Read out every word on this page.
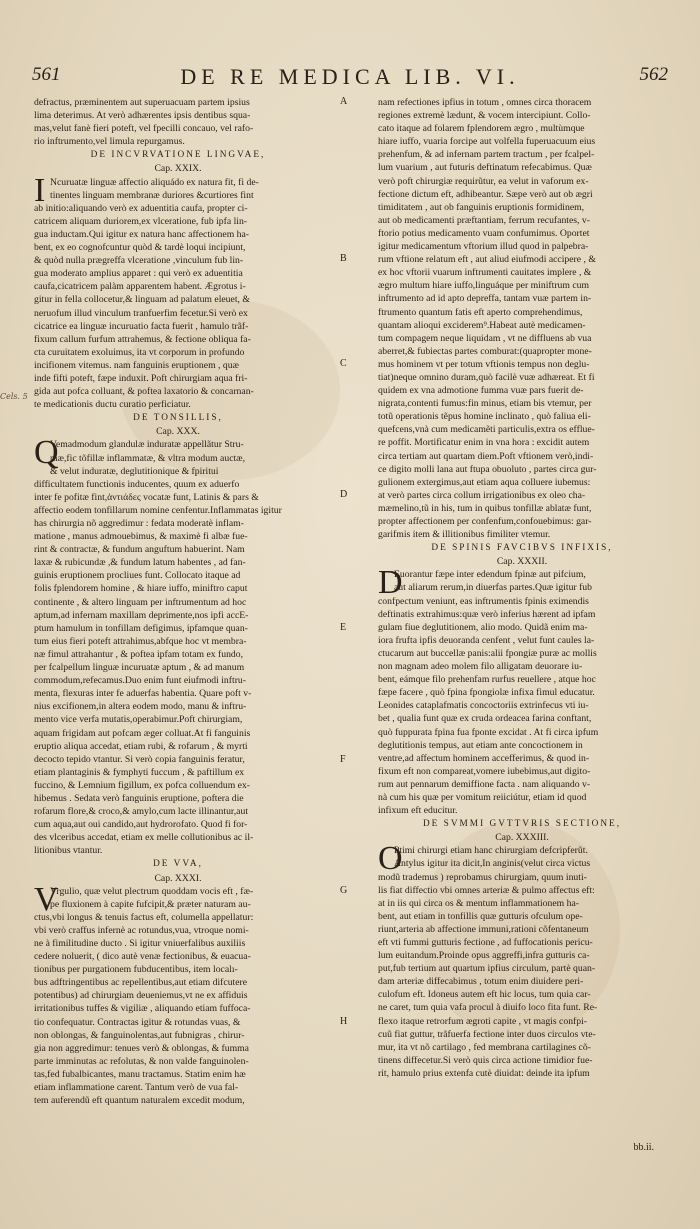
561	DE RE MEDICA LIB. VI.	562
A
B
C
D
E
F
G
H
Cels. 5
defractus, præminentem aut superuacuam partem ipsius
lima deterimus. At verò adhærentes ipsis dentibus squa-
mas,velut fanè fieri poteft, vel fpecilli concauo, vel rafo-
rio inftrumento,vel limula repurgamus.
DE INCVRVATIONE LINGVAE,
Cap. XXIX.
I Ncuruatæ linguæ affectio aliquádo ex natura fit, fi de-
tinentes linguam membranæ duriores &curtiores fint
ab initio:aliquando verò ex aduentitia caufa, propter ci-
catricem aliquam duriorem,ex vlceratione, fub ipfa lin-
gua inductam.Qui igitur ex natura hanc affectionem ha-
bent, ex eo cognofcuntur quòd & tardè loqui incipiunt,
& quòd nulla prægreffa vlceratione ,vinculum fub lin-
gua moderato amplius apparet : qui verò ex aduentitia
caufa,cicatricem palàm apparentem habent. Ægrotus i-
gitur in fella collocetur,& linguam ad palatum eleuet, &
neruofum illud vinculum tranfuerfim fecetur.Si verò ex
cicatrice ea linguæ incuruatio facta fuerit , hamulo trãf-
fixum callum furfum attrahemus, & fectione obliqua fa-
cta curuitatem exoluimus, ita vt corporum in profundo
incifionem vitemus. nam fanguinis eruptionem , quæ
inde fifti poteft, fæpe induxit. Poft chirurgiam aqua fri-
gida aut pofca colluant, & poftea laxatorio & concarnan-
te medicationis ductu curatio perficiatur.
DE TONSILLIS,
Cap. XXX.
Q
Vemadmodum glandulæ induratæ appellãtur Stru-
mæ,fic tõfillæ inflammatæ, & vltra modum auctæ,
& velut induratæ, deglutitionique & fpiritui
difficultatem functionis inducentes, quum ex aduerfo
inter fe pofitæ fint,ἀντιάδες vocatæ funt, Latinis & pars &
affectio eodem tonfillarum nomine cenfentur.Inflammatas igitur
has chirurgia nõ aggredimur : fedata moderatè inflam-
matione , manus admouebimus, & maximè fi albæ fue-
rint & contractæ, & fundum anguftum habuerint. Nam
laxæ & rubicundæ ,& fundum latum habentes , ad fan-
guinis eruptionem procliues funt. Collocato itaque ad
folis fplendorem homine , & hiare iuffo, miniftro caput
continente , & altero linguam per inftrumentum ad hoc
aptum,ad infernam maxillam deprimente,nos ipfi accE-
ptum hamulum in tonfillam defigimus, ipfamque quan-
tum eius fieri poteft attrahimus,abfque hoc vt membra-
næ fimul attrahantur , & poftea ipfam totam ex fundo,
per fcalpellum linguæ incuruatæ aptum , & ad manum
commodum,refecamus.Duo enim funt eiufmodi inftru-
menta, flexuras inter fe aduerfas habentia. Quare poft v-
nius excifionem,in altera eodem modo, manu & inftru-
mento vice verfa mutatis,operabimur.Poft chirurgiam,
aquam frigidam aut pofcam æger colluat.At fi fanguinis
eruptio aliqua accedat, etiam rubi, & rofarum , & myrti
decocto tepido vtantur. Si verò copia fanguinis feratur,
etiam plantaginis & fymphyti fuccum , & paftillum ex
fuccino, & Lemnium figillum, ex pofca colluendum ex-
hibemus . Sedata verò fanguinis eruptione, poftera die
rofarum flore,& croco,& amylo,cum lacte illinantur,aut
cum aqua,aut oui candido,aut hydrorofato. Quod fi for-
des vlceribus accedat, etiam ex melle collutionibus ac il-
litionibus vtantur.
DE VVA,
Cap. XXXI.
V
Vrgulio, quæ velut plectrum quoddam vocis eft , fæ-
pe fluxionem à capite fufcipit,& præter naturam au-
ctus,vbi longus & tenuis factus eft, columella appellatur:
vbi verò craffus infernè ac rotundus,vua, vtroque nomi-
ne à fimilitudine ducto . Si igitur vniuerfalibus auxiliis
cedere noluerit, ( dico autè venæ fectionibus, & euacua-
tionibus per purgationem fubducentibus, item localı-
bus adftringentibus ac repellentibus,aut etiam difcutere
potentibus) ad chirurgiam deueniemus,vt ne ex affiduis
irritationibus tuffes & vigiliæ , aliquando etiam fuffoca-
tio confequatur. Contractas igitur & rotundas vuas, &
non oblongas, & fanguinolentas,aut fubnigras , chirur-
gia non aggredimur: tenues verò & oblongas, & fumma
parte imminutas ac refolutas, & non valde fanguinolen-
tas,fed fubalbicantes, manu tractamus. Statim enim hæ
etiam inflammatione carent. Tantum verò de vua fal-
tem auferendũ eft quantum naturalem excedit modum,
nam refectiones ipfius in totum , omnes circa thoracem
regiones extremè lædunt, & vocem intercipiunt. Collo-
cato itaque ad folarem fplendorem ægro , multùmque
hiare iuffo, vuaria forcipe aut volfella fuperuacuum eius
prehenfum, & ad infernam partem tractum , per fcalpel-
lum vuarium , aut futuris deftinatum refecabimus. Quæ
verò poft chirurgiæ requirũtur, ea velut in vaforum ex-
fectione dictum eft, adhibeantur. Sæpe verò aut ob ægri
timiditatem , aut ob fanguinis eruptionis formidinem,
aut ob medicamenti præftantiam, ferrum recufantes, v-
ftorio potius medicamento vuam confumimus. Oportet
igitur medicamentum vftorium illud quod in palpebra-
rum vftione relatum eft , aut aliud eiufmodi accipere , &
ex hoc vftorii vuarum inftrumenti cauitates implere , &
ægro multum hiare iuffo,linguáque per miniftrum cum
inftrumento ad id apto depreffa, tantam vuæ partem in-
ftrumento quantum fatis eft aperto comprehendimus,
quantam alioqui exciderem⁹.Habeat autè medicamen-
tum compagem neque liquidam , vt ne diffluens ab vua
aberret,& fubiectas partes comburat:(quapropter mone-
mus hominem vt per totum vftionis tempus non deglu-
tiat)neque omnino duram,quò facilè vuæ adhæreat. Et fi
quidem ex vna admotione fumma vuæ pars fuerit de-
nigrata,contenti fumus:fin minus, etiam bis vtemur, per
totũ operationis tẽpus homine inclinato , quò faliua eli-
quefcens,vnà cum medicamẽti particulis,extra os efflue-
re poffit. Mortificatur enim in vna hora : excidit autem
circa tertiam aut quartam diem.Poft vftionem verò,indi-
ce digito molli lana aut ftupa obuoluto , partes circa gur-
gulionem extergimus,aut etiam aqua colluere iubemus:
at verò partes circa collum irrigationibus ex oleo cha-
mæmelino,tũ in his, tum in quibus tonfillæ ablatæ funt,
propter affectionem per confenfum,confouebimus: gar-
garifmis item & illitionibus fimiliter vtemur.
DE SPINIS FAVCIBVS INFIXIS,
Cap. XXXII.
D
Euorantur fæpe inter edendum fpinæ aut pifcium,
aut aliarum rerum,in diuerfas partes.Quæ igitur fub
confpectum veniunt, eas inftrumentis fpinis eximendis
deftinatis extrahimus:quæ verò inferius hærent ad ipfam
gulam fiue deglutitionem, alio modo. Quidã enim ma-
iora frufta ipfis deuoranda cenfent , velut funt caules la-
ctucarum aut buccellæ panis:alii fpongiæ puræ ac mollis
non magnam adeo molem filo alligatam deuorare iu-
bent, eámque filo prehenfam rurfus reuellere , atque hoc
fæpe facere , quò fpina fpongiolæ infixa fimul educatur.
Leonides cataplafmatis concoctoriis extrinfecus vti iu-
bet , qualia funt quæ ex cruda ordeacea farina conftant,
quò fuppurata fpina fua fponte excidat . At fi circa ipfum
deglutitionis tempus, aut etiam ante concoctionem in
ventre,ad affectum hominem accefferimus, & quod in-
fixum eft non compareat,vomere iubebimus,aut digito-
rum aut pennarum demiffione facta . nam aliquando v-
nà cum his quæ per vomitum reiiciútur, etiam id quod
infixum eft educitur.
DE SVMMI GVTTVRIS SECTIONE,
Cap. XXXIII.
O
Ptimi chirurgi etiam hanc chirurgiam defcripferũt.
Antylus igitur ita dicit,In anginis(velut circa victus
modũ trademus ) reprobamus chirurgiam, quum inuti-
lis fiat diffectio vbi omnes arteriæ & pulmo affectus eft:
at in iis qui circa os & mentum inflammationem ha-
bent, aut etiam in tonfillis quæ gutturis ofculum ope-
riunt,arteria ab affectione immuni,rationi cõfentaneum
eft vti fummi gutturis fectione , ad fuffocationis pericu-
lum euitandum.Proinde opus aggreffi,infra gutturis ca-
put,fub tertium aut quartum ipfius circulum, partè quan-
dam arteriæ diffecabimus , totum enim diuidere peri-
culofum eft. Idoneus autem eft hic locus, tum quia car-
ne caret, tum quia vafa procul à diuifo loco fita funt. Re-
flexo itaque retrorfum ægroti capite , vt magis confpi-
cuũ fiat guttur, trãfuerfa fectione inter duos circulos vte-
mur, ita vt nõ cartilago , fed membrana cartilagines cõ-
tinens diffecetur.Si verò quis circa actione timidior fue-
rit, hamulo prius extenfa cutè diuidat: deinde ita ipfum
bb.ii.
